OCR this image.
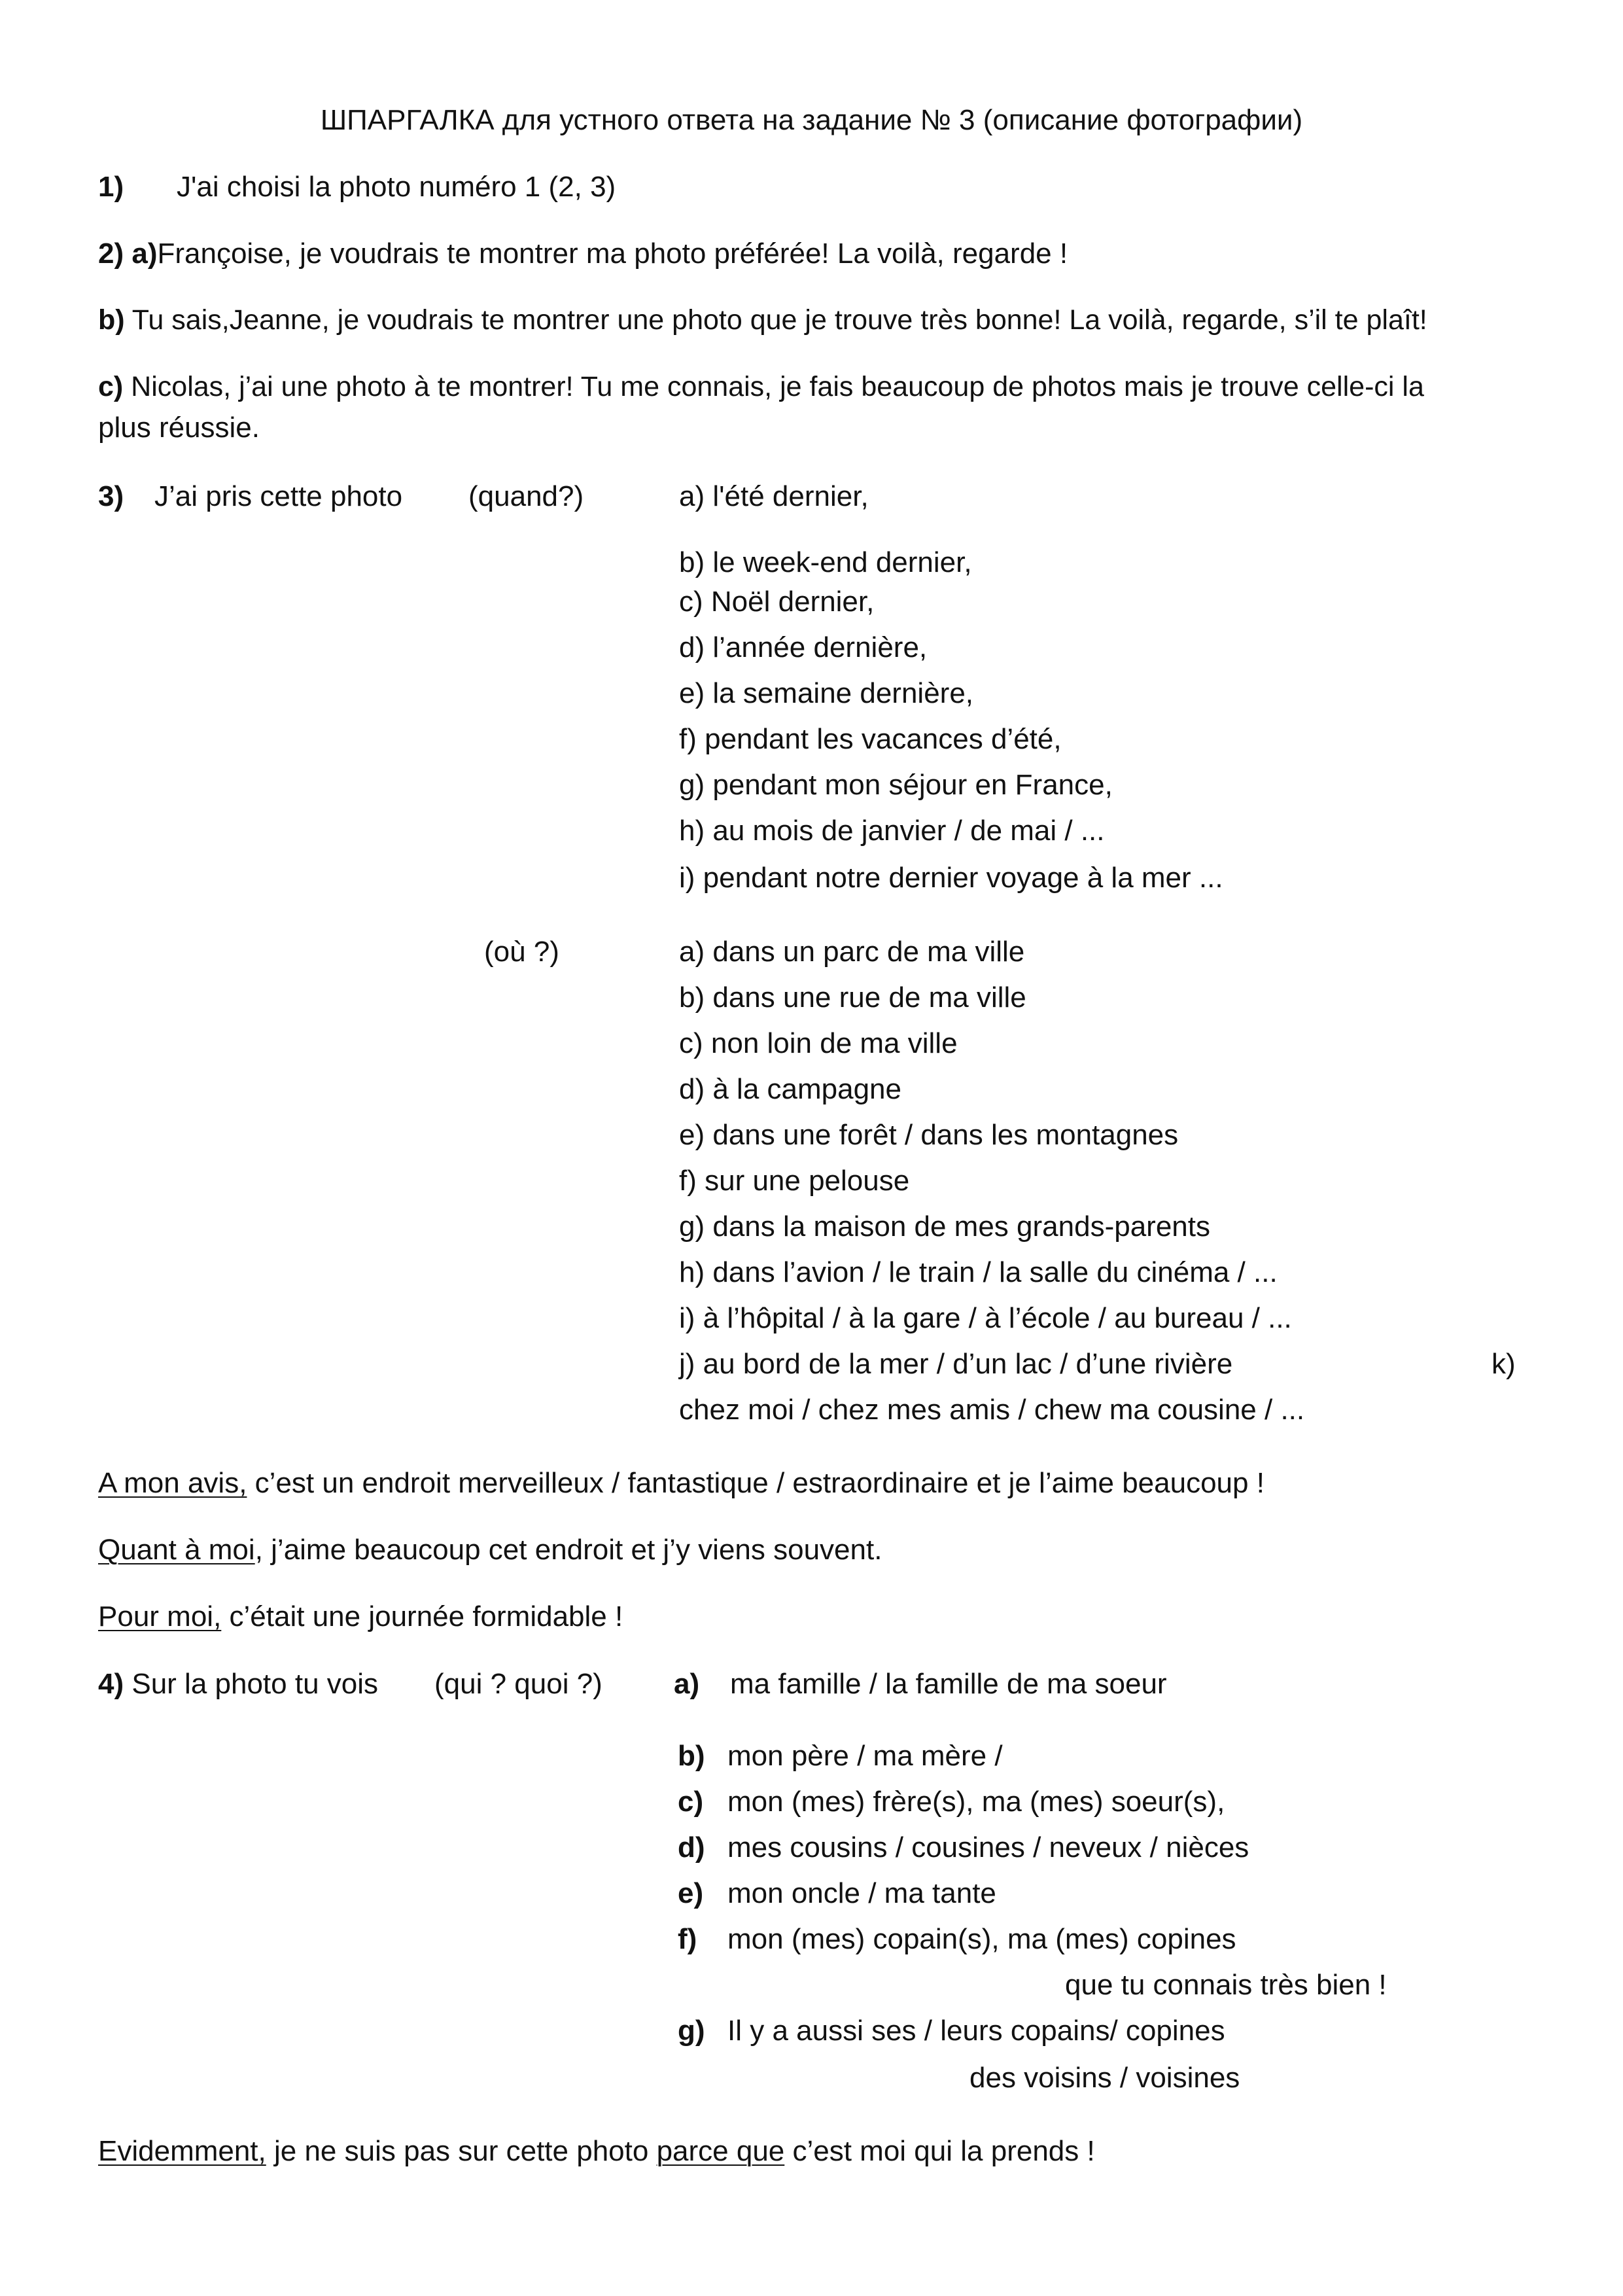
ШПАРГАЛКА для устного ответа на задание № 3 (описание фотографии)
1) J'ai choisi la photo numéro 1 (2, 3)
2) a)Françoise, je voudrais te montrer ma photo préférée! La voilà, regarde !
b) Tu sais,Jeanne, je voudrais te montrer une photo que je trouve très bonne! La voilà, regarde, s’il te plaît!
c) Nicolas, j’ai une photo à te montrer! Tu me connais, je fais beaucoup de photos mais je trouve celle-ci la
plus réussie.
3) J’ai pris cette photo (quand?)	a) l'été dernier,
b) le week-end dernier,
c) Noël dernier,
d) l’année dernière,
e) la semaine dernière,
f) pendant les vacances d’été,
g) pendant mon séjour en France,
h) au mois de janvier / de mai / ...
i) pendant notre dernier voyage à la mer ...
(où ?)	a) dans un parc de ma ville
b) dans une rue de ma ville
c) non loin de ma ville
d) à la campagne
e) dans une forêt / dans les montagnes
f) sur une pelouse
g) dans la maison de mes grands-parents
h) dans l’avion / le train / la salle du cinéma / ...
i) à l’hôpital / à la gare / à l’école / au bureau / ...
j) au bord de la mer / d’un lac / d’une rivière	k)
chez moi / chez mes amis / chew ma cousine / ...
A mon avis, c’est un endroit merveilleux / fantastique / estraordinaire et je l’aime beaucoup !
Quant à moi, j’aime beaucoup cet endroit et j’y viens souvent.
Pour moi, c’était une journée formidable !
4) Sur la photo tu vois (qui ? quoi ?) a) ma famille / la famille de ma soeur
b) mon père / ma mère /
c) mon (mes) frère(s), ma (mes) soeur(s),
d) mes cousins / cousines / neveux / nièces
e) mon oncle / ma tante
f) mon (mes) copain(s), ma (mes) copines
que tu connais très bien !
g) Il y a aussi ses / leurs copains/ copines
des voisins / voisines
Evidemment, je ne suis pas sur cette photo parce que c’est moi qui la prends !
